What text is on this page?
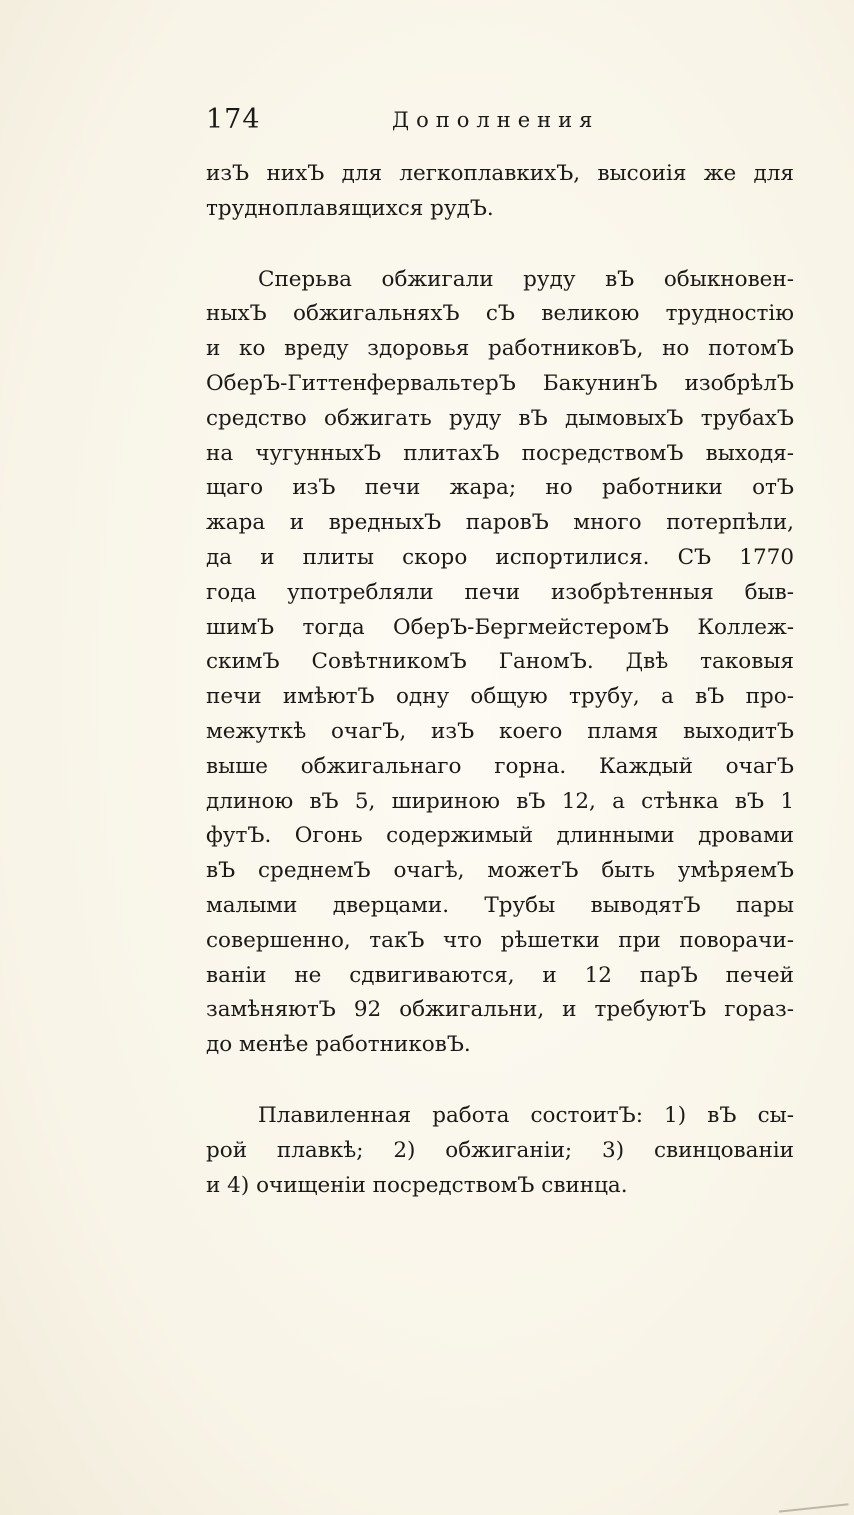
174	Дополнения

изЪ нихЪ для легкоплавкихЪ, высоиія же для
трудноплавящихся рудЪ.

Сперьва обжигали руду вЪ обыкновен-
ныхЪ обжигальняхЪ сЪ великою трудностію
и ко вреду здоровья работниковЪ, но потомЪ
ОберЪ-ГиттенфервальтерЪ БакунинЪ изобрѣлЪ
средство обжигать руду вЪ дымовыхЪ трубахЪ
на чугунныхЪ плитахЪ посредствомЪ выходя-
щаго изЪ печи жара; но работники отЪ
жара и вредныхЪ паровЪ много потерпѣли,
да и плиты скоро испортилися. СЪ 1770
года употребляли печи изобрѣтенныя быв-
шимЪ тогда ОберЪ-БергмейстеромЪ Коллеж-
скимЪ СовѣтникомЪ ГаномЪ. Двѣ таковыя
печи имѣютЪ одну общую трубу, а вЪ про-
межуткѣ очагЪ, изЪ коего пламя выходитЪ
выше обжигальнаго горна. Каждый очагЪ
длиною вЪ 5, шириною вЪ 12, а стѣнка вЪ 1
футЪ. Огонь содержимый длинными дровами
вЪ среднемЪ очагѣ, можетЪ быть умѣряемЪ
малыми дверцами. Трубы выводятЪ пары
совершенно, такЪ что рѣшетки при поворачи-
ваніи не сдвигиваются, и 12 парЪ печей
замѣняютЪ 92 обжигальни, и требуютЪ гораз-
до менѣе работниковЪ.

Плавиленная работа состоитЪ: 1) вЪ сы-
рой плавкѣ; 2) обжиганіи; 3) свинцованіи
и 4) очищеніи посредствомЪ свинца.
